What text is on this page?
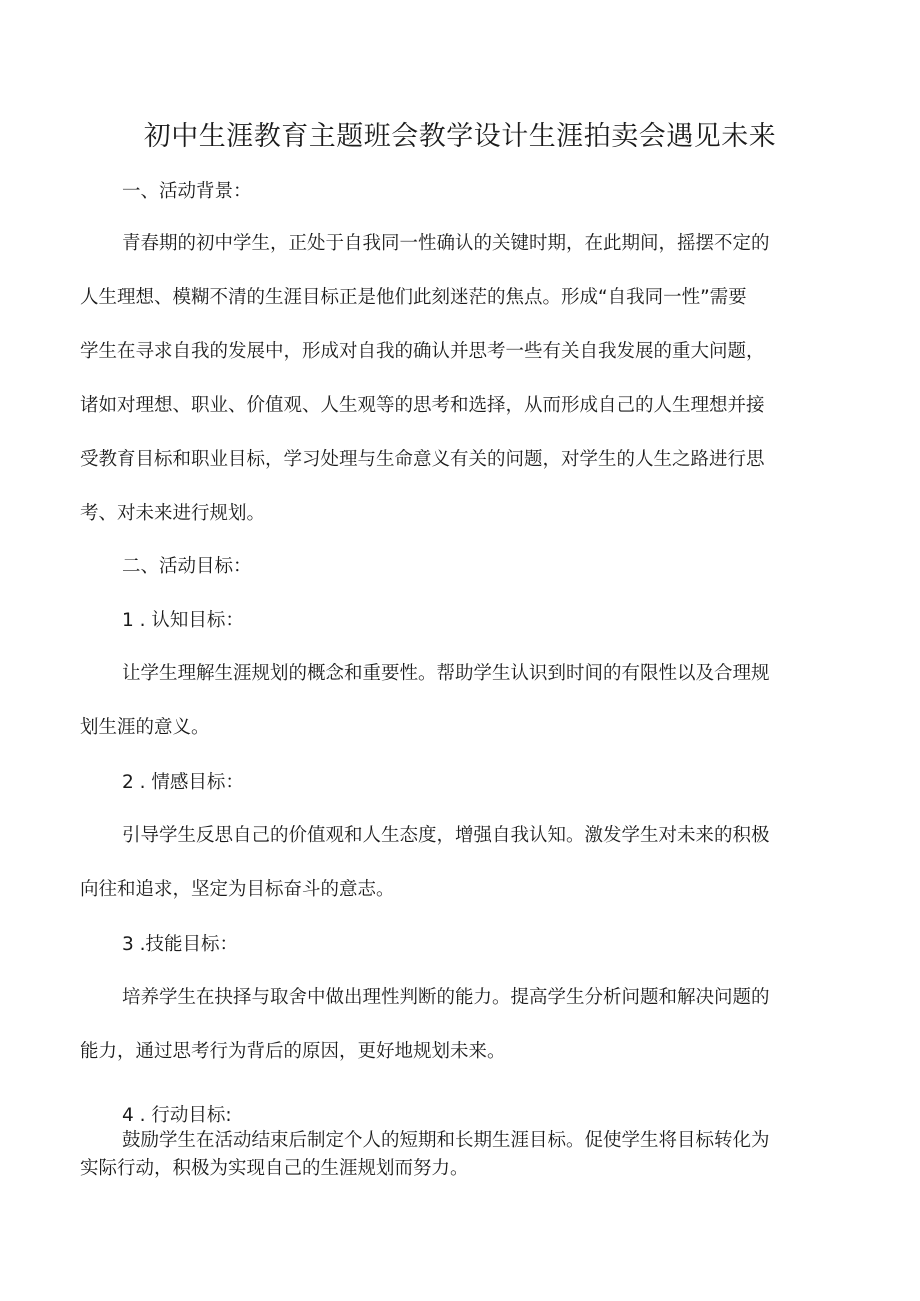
初中生涯教育主题班会教学设计生涯拍卖会遇见未来
一、活动背景：
青春期的初中学生，正处于自我同一性确认的关键时期，在此期间，摇摆不定的
人生理想、模糊不清的生涯目标正是他们此刻迷茫的焦点。形成“自我同一性”需要
学生在寻求自我的发展中，形成对自我的确认并思考一些有关自我发展的重大问题，
诸如对理想、职业、价值观、人生观等的思考和选择，从而形成自己的人生理想并接
受教育目标和职业目标，学习处理与生命意义有关的问题，对学生的人生之路进行思
考、对未来进行规划。
二、活动目标：
1 . 认知目标：
让学生理解生涯规划的概念和重要性。帮助学生认识到时间的有限性以及合理规
划生涯的意义。
2 . 情感目标：
引导学生反思自己的价值观和人生态度，增强自我认知。激发学生对未来的积极
向往和追求，坚定为目标奋斗的意志。
3 .技能目标：
培养学生在抉择与取舍中做出理性判断的能力。提高学生分析问题和解决问题的
能力，通过思考行为背后的原因，更好地规划未来。
4 . 行动目标:
鼓励学生在活动结束后制定个人的短期和长期生涯目标。促使学生将目标转化为
实际行动，积极为实现自己的生涯规划而努力。
